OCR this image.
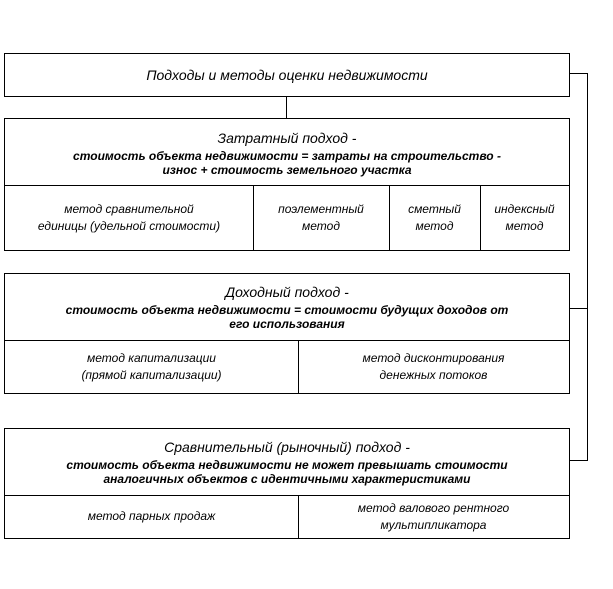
Подходы и методы оценки недвижимости
Затратный подход -
стоимость объекта недвижимости = затраты на строительство -
износ + стоимость земельного участка
метод сравнительной
единицы (удельной стоимости)
поэлементный
метод
сметный
метод
индексный
метод
Доходный подход -
стоимость объекта недвижимости = стоимости будущих доходов от
его использования
метод капитализации
(прямой капитализации)
метод дисконтирования
денежных потоков
Сравнительный (рыночный) подход -
стоимость объекта недвижимости не может превышать стоимости
аналогичных объектов с идентичными характеристиками
метод парных продаж
метод валового рентного
мультипликатора
